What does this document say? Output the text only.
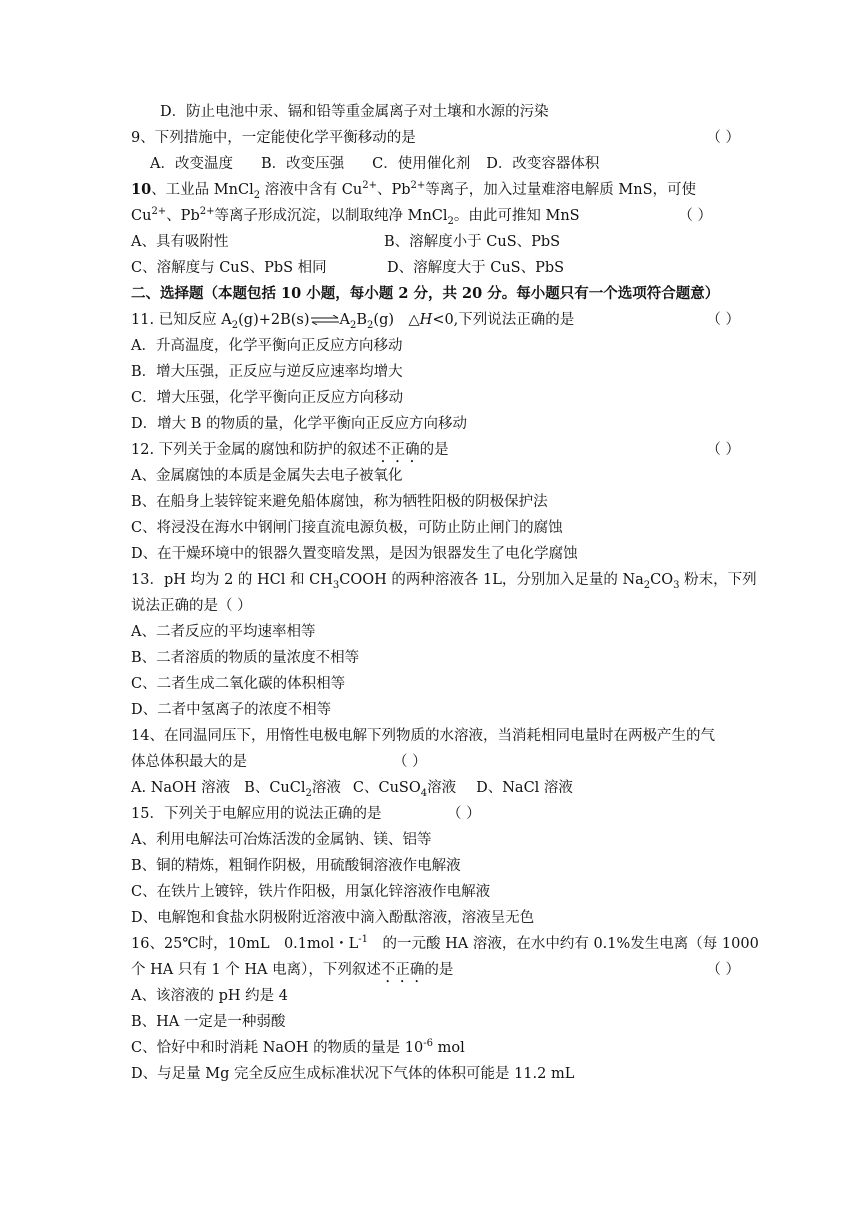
D．防止电池中汞、镉和铅等重金属离子对土壤和水源的污染
9、下列措施中，一定能使化学平衡移动的是	（ ）
A．改变温度 B．改变压强 C．使用催化剂 D．改变容器体积
10、工业品 MnCl$_2$ 溶液中含有 $Cu^{2+}$、$Pb^{2+}$等离子，加入过量难溶电解质 MnS，可使
$Cu^{2+}$、$Pb^{2+}$等离子形成沉淀，以制取纯净 MnCl$_2$。由此可推知 MnS	（ ）
A、具有吸附性	B、溶解度小于 CuS、PbS
C、溶解度与 CuS、PbS 相同	D、溶解度大于 CuS、PbS
二、选择题（本题包括 10 小题，每小题 2 分，共 20 分。每小题只有一个选项符合题意）
11. 已知反应 $A_2(g)+2B(s)\rightleftharpoons A_2B_2(g)$　△H<0,下列说法正确的是	（ ）
A．升高温度，化学平衡向正反应方向移动
B．增大压强，正反应与逆反应速率均增大
C．增大压强，化学平衡向正反应方向移动
D．增大 B 的物质的量，化学平衡向正反应方向移动
12. 下列关于金属的腐蚀和防护的叙述不正确的是	（ ）
A、金属腐蚀的本质是金属失去电子被氧化
B、在船身上装锌锭来避免船体腐蚀，称为牺牲阳极的阴极保护法
C、将浸没在海水中钢闸门接直流电源负极，可防止防止闸门的腐蚀
D、在干燥环境中的银器久置变暗发黑，是因为银器发生了电化学腐蚀
13．pH 均为 2 的 HCl 和 $CH_3COOH$ 的两种溶液各 1L，分别加入足量的 $Na_2CO_3$ 粉末，下列
说法正确的是（ ）
A、二者反应的平均速率相等
B、二者溶质的物质的量浓度不相等
C、二者生成二氧化碳的体积相等
D、二者中氢离子的浓度不相等
14、在同温同压下，用惰性电极电解下列物质的水溶液，当消耗相同电量时在两极产生的气
体总体积最大的是	（ ）
A. NaOH 溶液 B、CuCl$_2$溶液 C、CuSO$_4$溶液 D、NaCl 溶液
15．下列关于电解应用的说法正确的是	（ ）
A、利用电解法可冶炼活泼的金属钠、镁、铝等
B、铜的精炼，粗铜作阴极，用硫酸铜溶液作电解液
C、在铁片上镀锌，铁片作阳极，用氯化锌溶液作电解液
D、电解饱和食盐水阴极附近溶液中滴入酚酞溶液，溶液呈无色
16、25℃时，10mL　0.1mol・$L^{-1}$　的一元酸 HA 溶液，在水中约有 0.1%发生电离（每 1000
个 HA 只有 1 个 HA 电离），下列叙述不正确的是	（ ）
A、该溶液的 pH 约是 4
B、HA 一定是一种弱酸
C、恰好中和时消耗 NaOH 的物质的量是 $10^{-6}$ mol
D、与足量 Mg 完全反应生成标准状况下气体的体积可能是 11.2 mL
